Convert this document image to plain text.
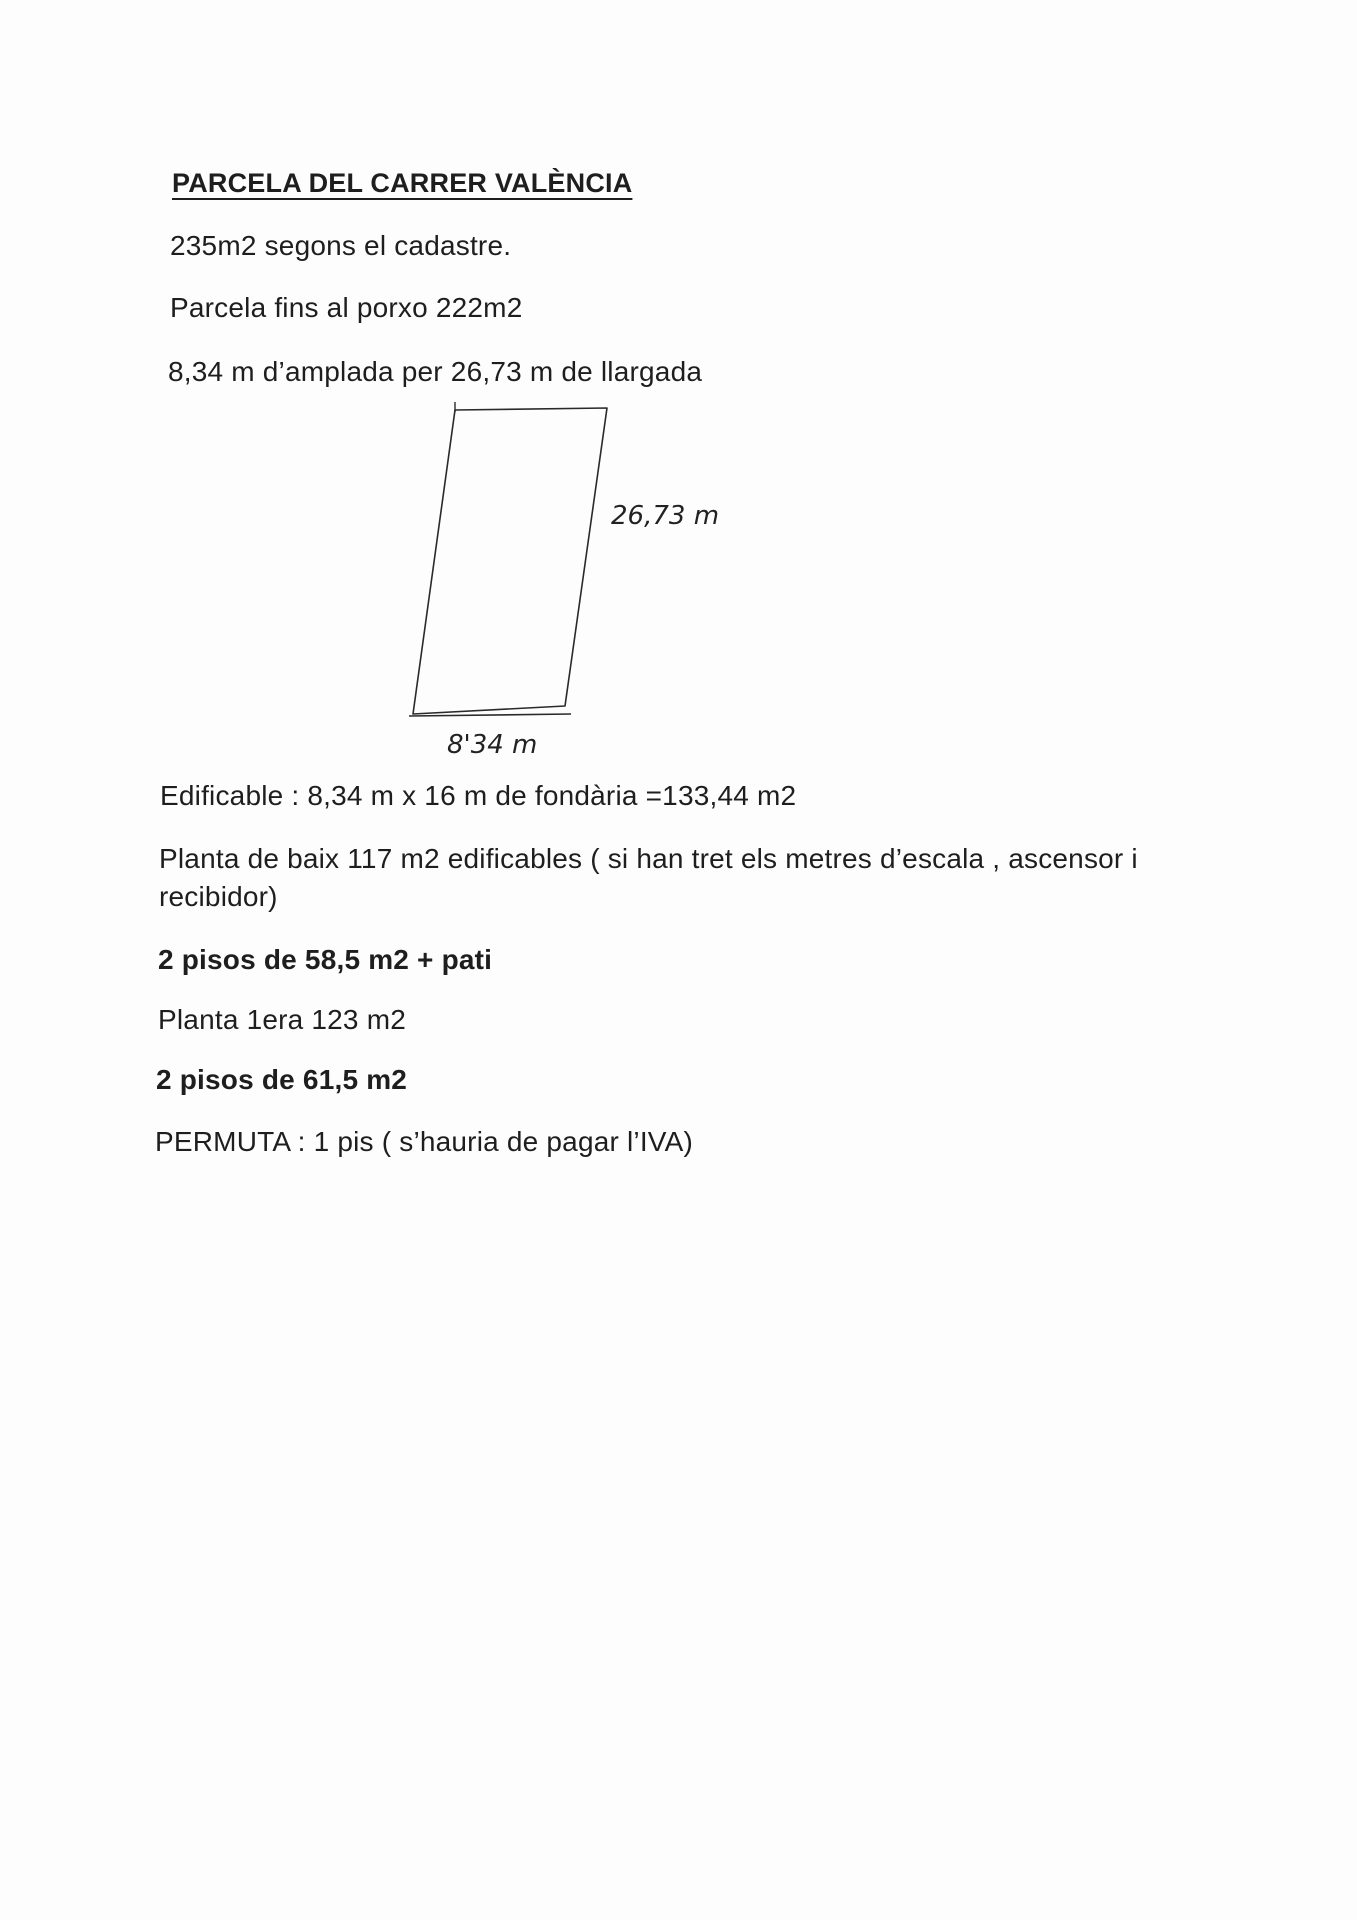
PARCELA DEL CARRER VALÈNCIA
235m2 segons el cadastre.
Parcela fins al porxo 222m2
8,34 m d’amplada per 26,73 m de llargada
26,73 m
8'34 m
Edificable : 8,34 m x 16 m de fondària =133,44 m2
Planta de baix 117 m2 edificables ( si han tret els metres d’escala , ascensor i recibidor)
2 pisos de 58,5 m2 + pati
Planta 1era 123 m2
2 pisos de 61,5 m2
PERMUTA : 1 pis ( s’hauria de pagar l’IVA)
